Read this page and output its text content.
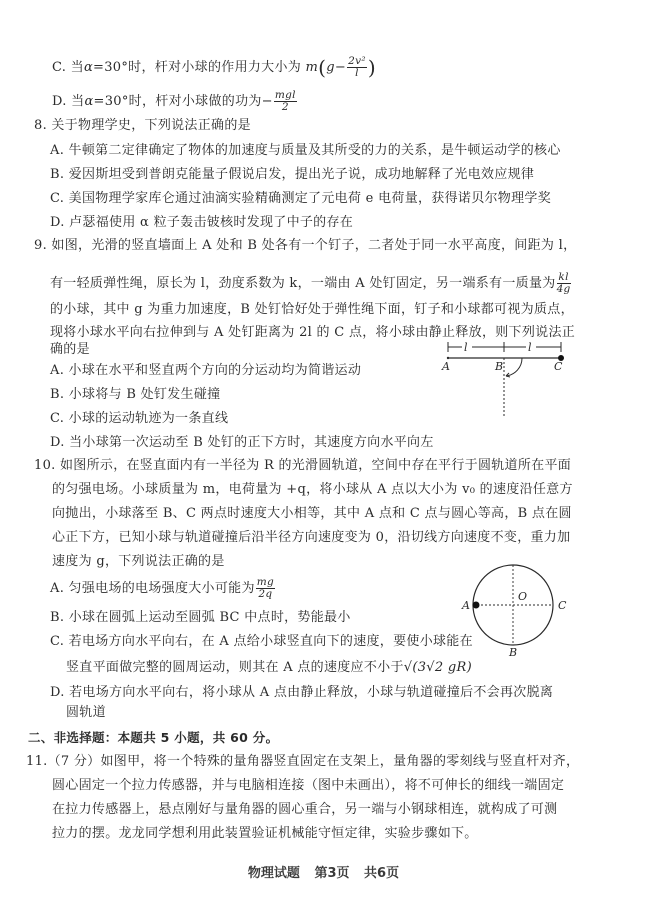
C. 当α=30°时，杆对小球的作用力大小为 $m(g- \frac{\text{2v²}}{l}$ )
D. 当α=30°时，杆对小球做的功为− $\frac{\text{mgl}}{2}$
8. 关于物理学史，下列说法正确的是
A. 牛顿第二定律确定了物体的加速度与质量及其所受的力的关系，是牛顿运动学的核心
B. 爱因斯坦受到普朗克能量子假说启发，提出光子说，成功地解释了光电效应规律
C. 美国物理学家库仑通过油滴实验精确测定了元电荷 e 电荷量，获得诺贝尔物理学奖
D. 卢瑟福使用 α 粒子轰击铍核时发现了中子的存在
9. 如图，光滑的竖直墙面上 A 处和 B 处各有一个钉子，二者处于同一水平高度，间距为 l，
有一轻质弹性绳，原长为 l，劲度系数为 k，一端由 A 处钉固定，另一端系有一质量为 $\frac{kl}{4g}$
的小球，其中 g 为重力加速度，B 处钉恰好处于弹性绳下面，钉子和小球都可视为质点，
现将小球水平向右拉伸到与 A 处钉距离为 2l 的 C 点，将小球由静止释放，则下列说法正
确的是
A. 小球在水平和竖直两个方向的分运动均为简谐运动
B. 小球将与 B 处钉发生碰撞
C. 小球的运动轨迹为一条直线
D. 当小球第一次运动至 B 处钉的正下方时，其速度方向水平向左
l	l
A	B	C
10. 如图所示，在竖直面内有一半径为 R 的光滑圆轨道，空间中存在平行于圆轨道所在平面
的匀强电场。小球质量为 m，电荷量为 +q，将小球从 A 点以大小为 v₀ 的速度沿任意方
向抛出，小球落至 B、C 两点时速度大小相等，其中 A 点和 C 点与圆心等高，B 点在圆
心正下方，已知小球与轨道碰撞后沿半径方向速度变为 0，沿切线方向速度不变，重力加
速度为 g，下列说法正确的是
A. 匀强电场的电场强度大小可能为 $\frac{mg}{2q}$
B. 小球在圆弧上运动至圆弧 BC 中点时，势能最小
C. 若电场方向水平向右，在 A 点给小球竖直向下的速度，要使小球能在
竖直平面做完整的圆周运动，则其在 A 点的速度应不小于√(3√2 gR)
D. 若电场方向水平向右，将小球从 A 点由静止释放，小球与轨道碰撞后不会再次脱离
圆轨道
A
O
C
B
二、非选择题：本题共 5 小题，共 60 分。
11.（7 分）如图甲，将一个特殊的量角器竖直固定在支架上，量角器的零刻线与竖直杆对齐，
圆心固定一个拉力传感器，并与电脑相连接（图中未画出），将不可伸长的细线一端固定
在拉力传感器上，悬点刚好与量角器的圆心重合，另一端与小钢球相连，就构成了可测
拉力的摆。龙龙同学想利用此装置验证机械能守恒定律，实验步骤如下。
物理试题 第3页 共6页
